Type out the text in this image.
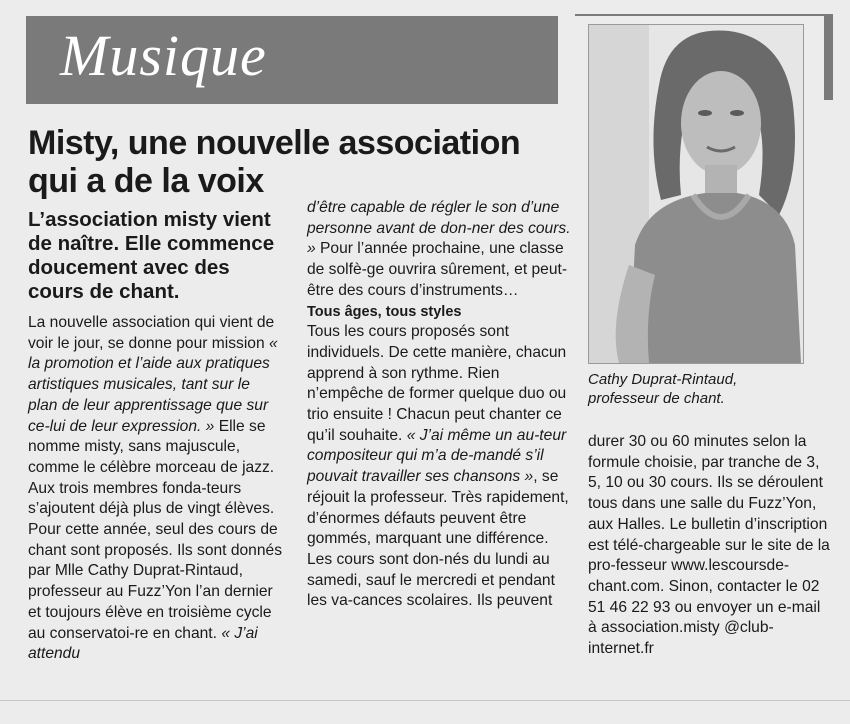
Musique
Misty, une nouvelle association qui a de la voix
L’association misty vient de naître. Elle commence doucement avec des cours de chant.

La nouvelle association qui vient de voir le jour, se donne pour mission « la promotion et l’aide aux pratiques artistiques musicales, tant sur le plan de leur apprentissage que sur ce-lui de leur expression. » Elle se nomme misty, sans majuscule, comme le célèbre morceau de jazz. Aux trois membres fonda-teurs s’ajoutent déjà plus de vingt élèves. Pour cette année, seul des cours de chant sont proposés. Ils sont donnés par Mlle Cathy Duprat-Rintaud, professeur au Fuzz’Yon l’an dernier et toujours élève en troisième cycle au conservatoi-re en chant. « J’ai attendu

d’être capable de régler le son d’une personne avant de don-ner des cours. » Pour l’année prochaine, une classe de solfè-ge ouvrira sûrement, et peut-être des cours d’instruments…

Tous âges, tous styles

Tous les cours proposés sont individuels. De cette manière, chacun apprend à son rythme. Rien n’empêche de former quelque duo ou trio ensuite ! Chacun peut chanter ce qu’il souhaite. « J’ai même un au-teur compositeur qui m’a de-mandé s’il pouvait travailler ses chansons », se réjouit la professeur. Très rapidement, d’énormes défauts peuvent être gommés, marquant une différence. Les cours sont don-nés du lundi au samedi, sauf le mercredi et pendant les va-cances scolaires. Ils peuvent

Cathy Duprat-Rintaud,
professeur de chant.

durer 30 ou 60 minutes selon la formule choisie, par tranche de 3, 5, 10 ou 30 cours. Ils se déroulent tous dans une salle du Fuzz’Yon, aux Halles. Le bulletin d’inscription est télé-chargeable sur le site de la pro-fesseur www.lescoursde-chant.com. Sinon, contacter le 02 51 46 22 93 ou envoyer un e-mail à association.misty @club-internet.fr
